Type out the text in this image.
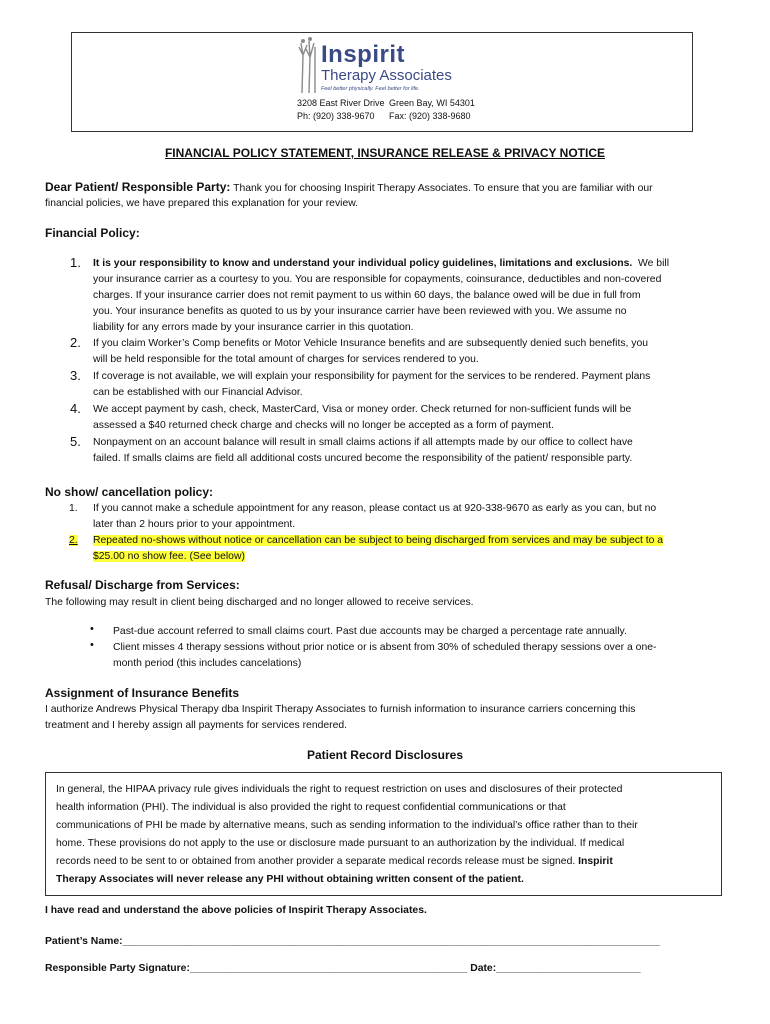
Inspirit
Therapy Associates
Feel better physically. Feel better for life.
3208 East River Drive Green Bay, WI 54301
Ph: (920) 338-9670 Fax: (920) 338-9680
FINANCIAL POLICY STATEMENT, INSURANCE RELEASE & PRIVACY NOTICE
Dear Patient/ Responsible Party: Thank you for choosing Inspirit Therapy Associates. To ensure that you are familiar with our
financial policies, we have prepared this explanation for your review.
Financial Policy:
1. It is your responsibility to know and understand your individual policy guidelines, limitations and exclusions.  We bill
your insurance carrier as a courtesy to you. You are responsible for copayments, coinsurance, deductibles and non-covered
charges. If your insurance carrier does not remit payment to us within 60 days, the balance owed will be due in full from
you. Your insurance benefits as quoted to us by your insurance carrier have been reviewed with you. We assume no
liability for any errors made by your insurance carrier in this quotation.
2. If you claim Worker’s Comp benefits or Motor Vehicle Insurance benefits and are subsequently denied such benefits, you
will be held responsible for the total amount of charges for services rendered to you.
3. If coverage is not available, we will explain your responsibility for payment for the services to be rendered. Payment plans
can be established with our Financial Advisor.
4. We accept payment by cash, check, MasterCard, Visa or money order. Check returned for non-sufficient funds will be
assessed a $40 returned check charge and checks will no longer be accepted as a form of payment.
5. Nonpayment on an account balance will result in small claims actions if all attempts made by our office to collect have
failed. If smalls claims are field all additional costs uncured become the responsibility of the patient/ responsible party.
No show/ cancellation policy:
1. If you cannot make a schedule appointment for any reason, please contact us at 920-338-9670 as early as you can, but no
later than 2 hours prior to your appointment.
2. Repeated no-shows without notice or cancellation can be subject to being discharged from services and may be subject to a
$25.00 no show fee. (See below)
Refusal/ Discharge from Services:
The following may result in client being discharged and no longer allowed to receive services.
• Past-due account referred to small claims court. Past due accounts may be charged a percentage rate annually.
• Client misses 4 therapy sessions without prior notice or is absent from 30% of scheduled therapy sessions over a one-
month period (this includes cancelations)
Assignment of Insurance Benefits
I authorize Andrews Physical Therapy dba Inspirit Therapy Associates to furnish information to insurance carriers concerning this
treatment and I hereby assign all payments for services rendered.
Patient Record Disclosures
In general, the HIPAA privacy rule gives individuals the right to request restriction on uses and disclosures of their protected
health information (PHI). The individual is also provided the right to request confidential communications or that
communications of PHI be made by alternative means, such as sending information to the individual’s office rather than to their
home. These provisions do not apply to the use or disclosure made pursuant to an authorization by the individual. If medical
records need to be sent to or obtained from another provider a separate medical records release must be signed. Inspirit
Therapy Associates will never release any PHI without obtaining written consent of the patient.
I have read and understand the above policies of Inspirit Therapy Associates.
Patient’s Name:_____________________________________________________________________________________________
Responsible Party Signature:________________________________________________ Date:_________________________
